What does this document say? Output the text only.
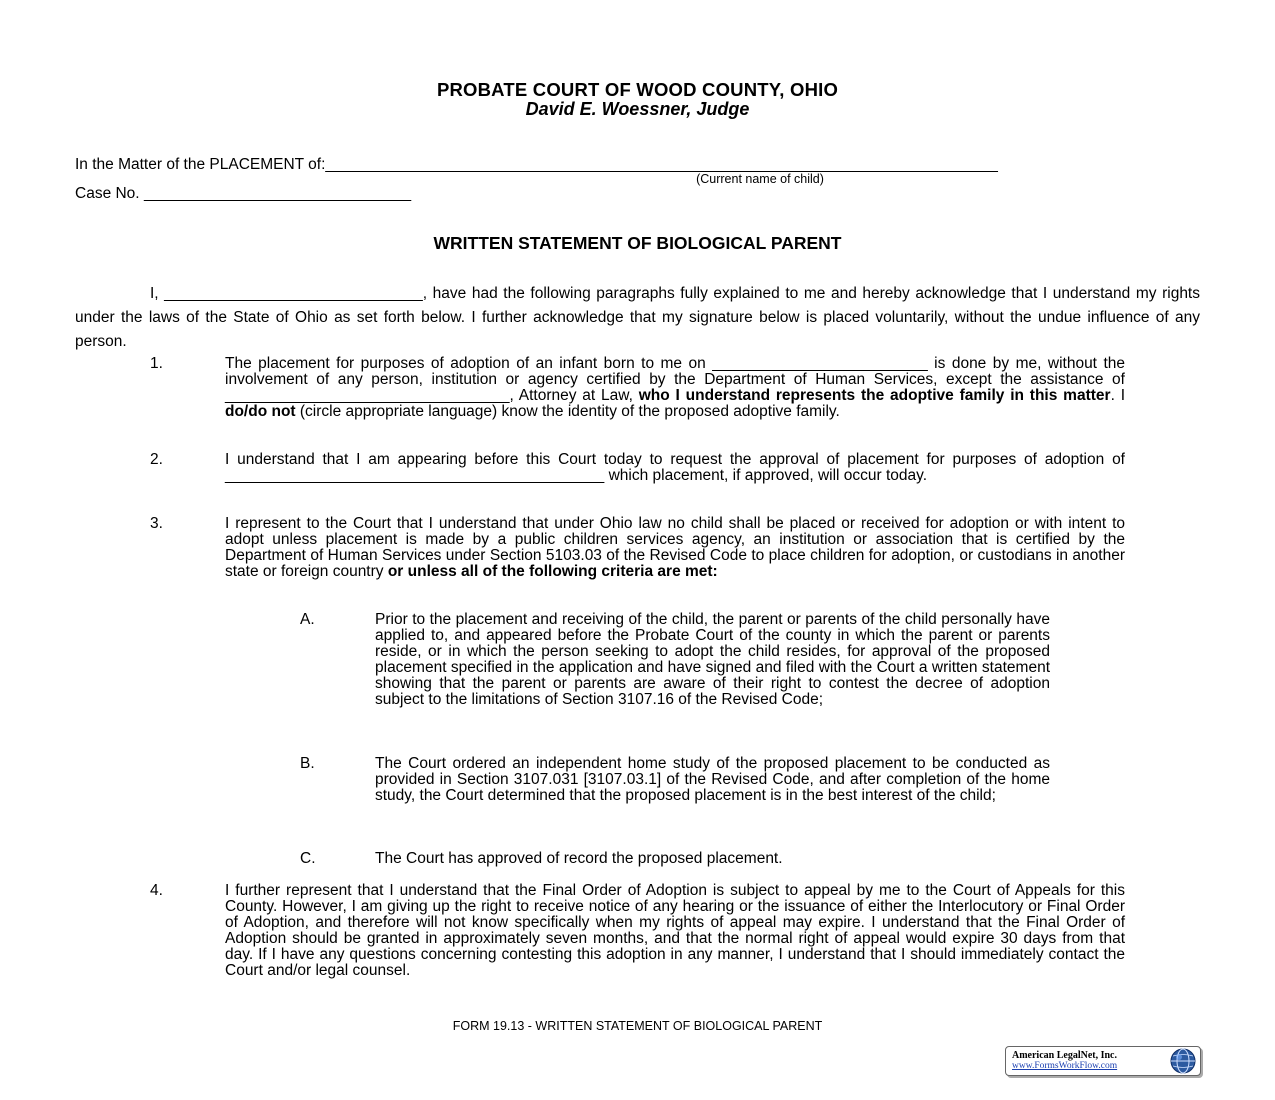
PROBATE COURT OF WOOD COUNTY, OHIO
David E. Woessner, Judge
In the Matter of the PLACEMENT of:______________________________________________________________________________
(Current name of child)
Case No. _______________________________
WRITTEN STATEMENT OF BIOLOGICAL PARENT
I, ______________________________, have had the following paragraphs fully explained to me and hereby acknowledge that I understand my rights under the laws of the State of Ohio as set forth below. I further acknowledge that my signature below is placed voluntarily, without the undue influence of any person.
1.	The placement for purposes of adoption of an infant born to me on _________________________ is done by me, without the involvement of any person, institution or agency certified by the Department of Human Services, except the assistance of _________________________________, Attorney at Law, who I understand represents the adoptive family in this matter. I do/do not (circle appropriate language) know the identity of the proposed adoptive family.
2.	I understand that I am appearing before this Court today to request the approval of placement for purposes of adoption of ____________________________________________ which placement, if approved, will occur today.
3.	I represent to the Court that I understand that under Ohio law no child shall be placed or received for adoption or with intent to adopt unless placement is made by a public children services agency, an institution or association that is certified by the Department of Human Services under Section 5103.03 of the Revised Code to place children for adoption, or custodians in another state or foreign country or unless all of the following criteria are met:
A.	Prior to the placement and receiving of the child, the parent or parents of the child personally have applied to, and appeared before the Probate Court of the county in which the parent or parents reside, or in which the person seeking to adopt the child resides, for approval of the proposed placement specified in the application and have signed and filed with the Court a written statement showing that the parent or parents are aware of their right to contest the decree of adoption subject to the limitations of Section 3107.16 of the Revised Code;
B.	The Court ordered an independent home study of the proposed placement to be conducted as provided in Section 3107.031 [3107.03.1] of the Revised Code, and after completion of the home study, the Court determined that the proposed placement is in the best interest of the child;
C.	The Court has approved of record the proposed placement.
4.	I further represent that I understand that the Final Order of Adoption is subject to appeal by me to the Court of Appeals for this County. However, I am giving up the right to receive notice of any hearing or the issuance of either the Interlocutory or Final Order of Adoption, and therefore will not know specifically when my rights of appeal may expire. I understand that the Final Order of Adoption should be granted in approximately seven months, and that the normal right of appeal would expire 30 days from that day. If I have any questions concerning contesting this adoption in any manner, I understand that I should immediately contact the Court and/or legal counsel.
FORM 19.13 - WRITTEN STATEMENT OF BIOLOGICAL PARENT
American LegalNet, Inc.
www.FormsWorkFlow.com
